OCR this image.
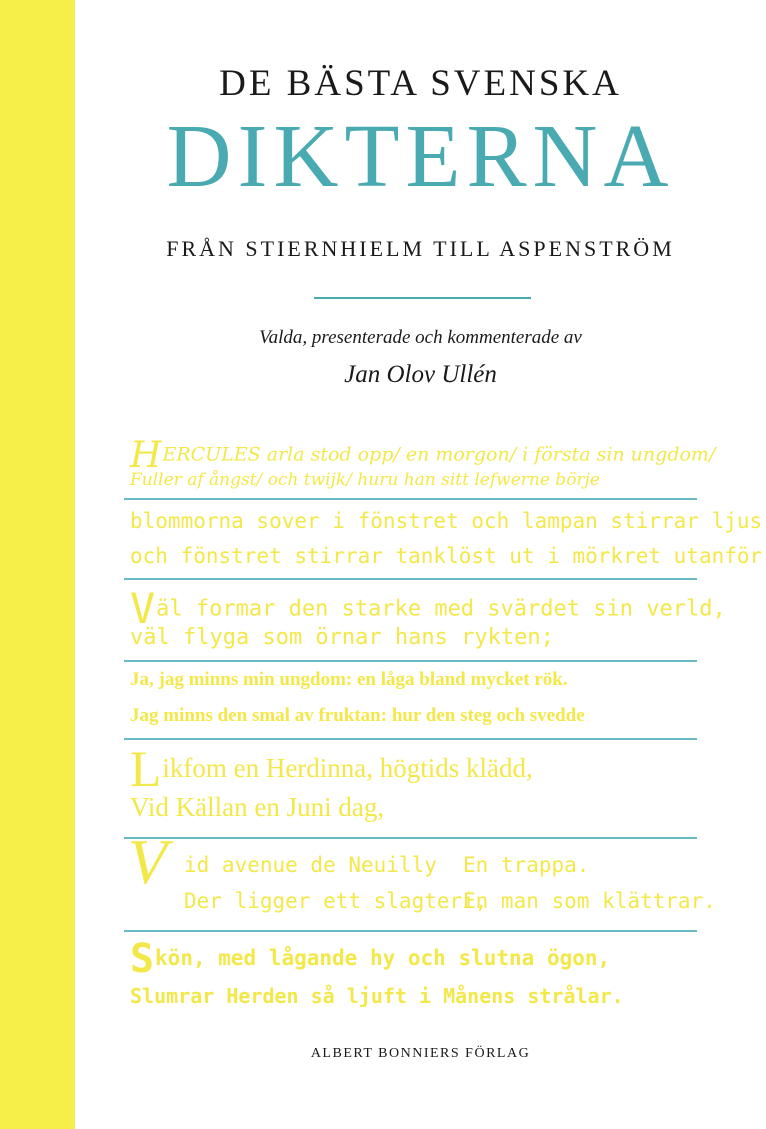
DE BÄSTA SVENSKA
DIKTERNA
FRÅN STIERNHIELM TILL ASPENSTRÖM
Valda, presenterade och kommenterade av
Jan Olov Ullén
HERCULES arla stod opp/ en morgon/ i första sin ungdom/
Fuller af ångst/ och twijk/ huru han sitt lefwerne börje
blommorna sover i fönstret och lampan stirrar ljus
och fönstret stirrar tanklöst ut i mörkret utanför
Väl formar den starke med svärdet sin verld,
väl flyga som örnar hans rykten;
Ja, jag minns min ungdom: en låga bland mycket rök.
Jag minns den smal av fruktan: hur den steg och svedde
Likfom en Herdinna, högtids klädd,
Vid Källan en Juni dag,
V id avenue de Neuilly
Der ligger ett slagteri,
En trappa.
En man som klättrar.
Skön, med lågande hy och slutna ögon,
Slumrar Herden så ljuft i Månens strålar.
ALBERT BONNIERS FÖRLAG
